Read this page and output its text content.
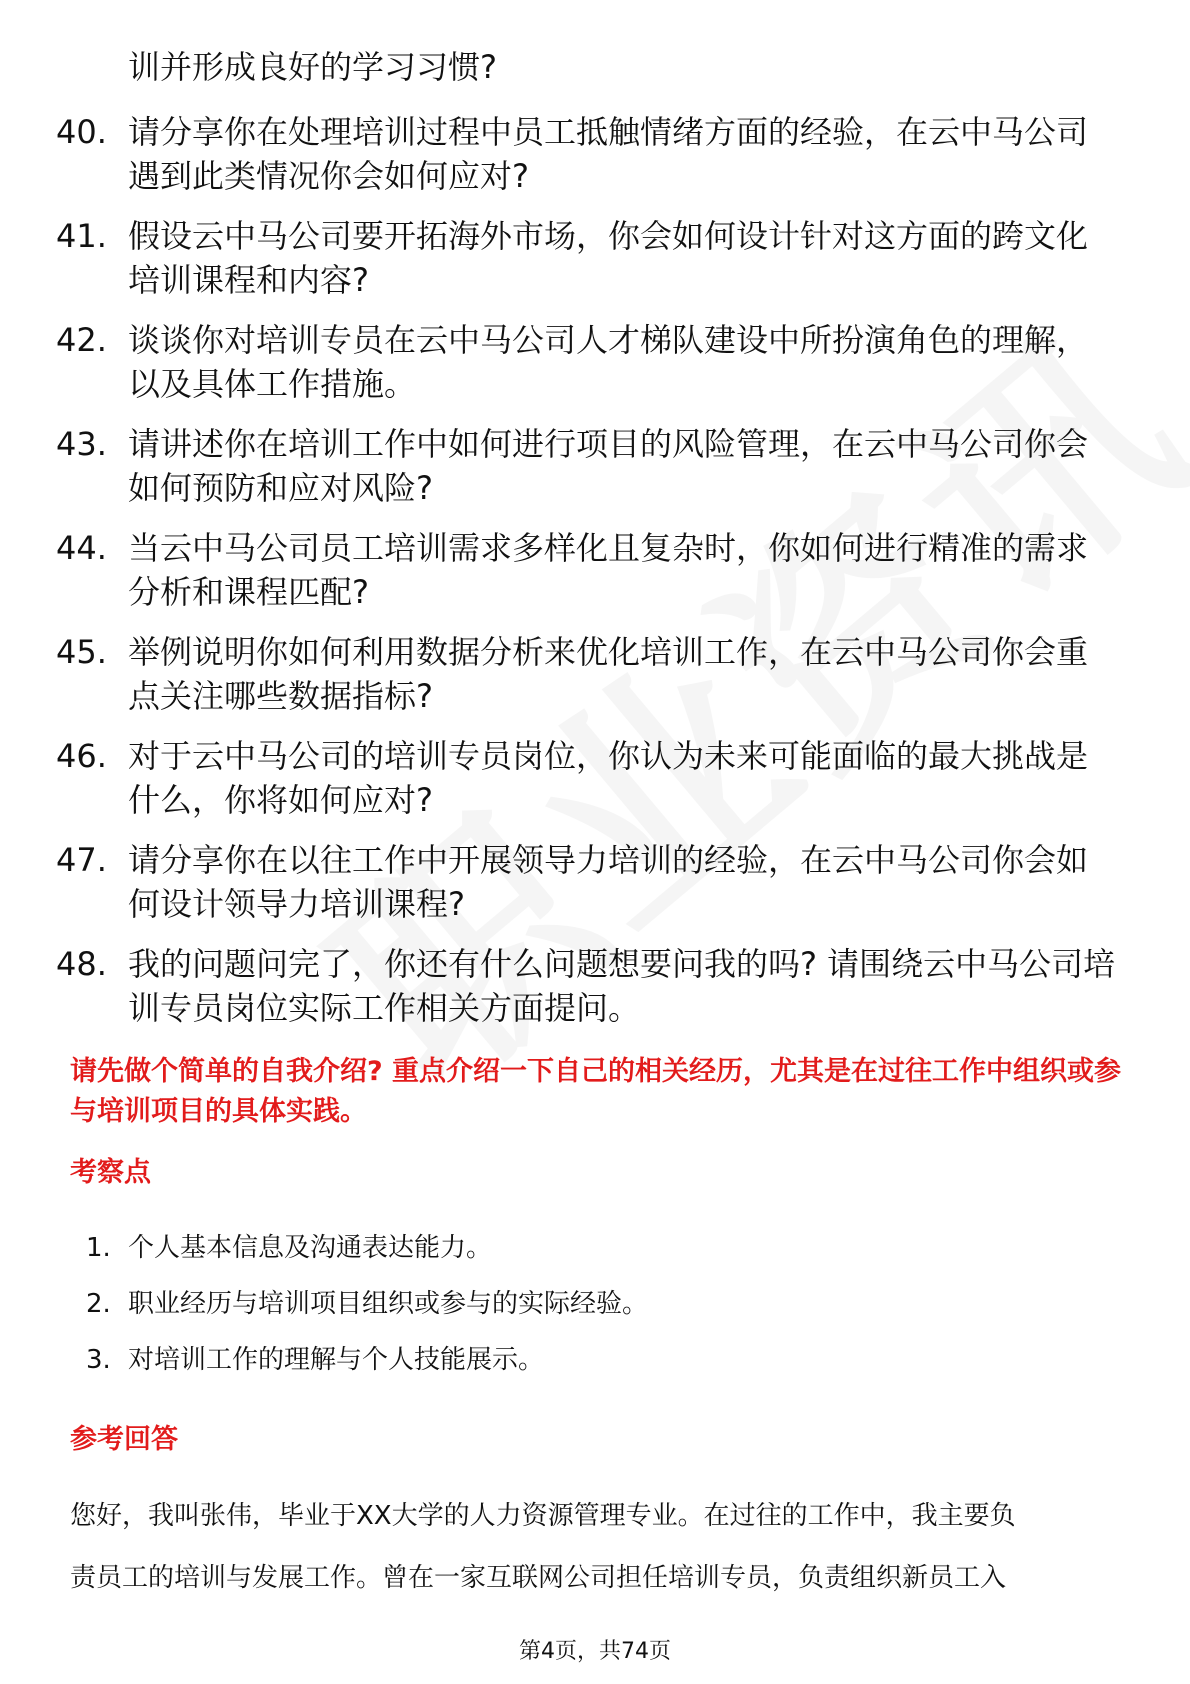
训并形成良好的学习习惯?
40. 请分享你在处理培训过程中员工抵触情绪方面的经验，在云中马公司遇到此类情况你会如何应对?
41. 假设云中马公司要开拓海外市场，你会如何设计针对这方面的跨文化培训课程和内容?
42. 谈谈你对培训专员在云中马公司人才梯队建设中所扮演角色的理解，以及具体工作措施。
43. 请讲述你在培训工作中如何进行项目的风险管理，在云中马公司你会如何预防和应对风险?
44. 当云中马公司员工培训需求多样化且复杂时，你如何进行精准的需求分析和课程匹配?
45. 举例说明你如何利用数据分析来优化培训工作，在云中马公司你会重点关注哪些数据指标?
46. 对于云中马公司的培训专员岗位，你认为未来可能面临的最大挑战是什么，你将如何应对?
47. 请分享你在以往工作中开展领导力培训的经验，在云中马公司你会如何设计领导力培训课程?
48. 我的问题问完了，你还有什么问题想要问我的吗? 请围绕云中马公司培训专员岗位实际工作相关方面提问。
请先做个简单的自我介绍? 重点介绍一下自己的相关经历，尤其是在过往工作中组织或参与培训项目的具体实践。
考察点
1. 个人基本信息及沟通表达能力。
2. 职业经历与培训项目组织或参与的实际经验。
3. 对培训工作的理解与个人技能展示。
参考回答
您好，我叫张伟，毕业于XX大学的人力资源管理专业。在过往的工作中，我主要负
责员工的培训与发展工作。曾在一家互联网公司担任培训专员，负责组织新员工入
第4页，共74页
